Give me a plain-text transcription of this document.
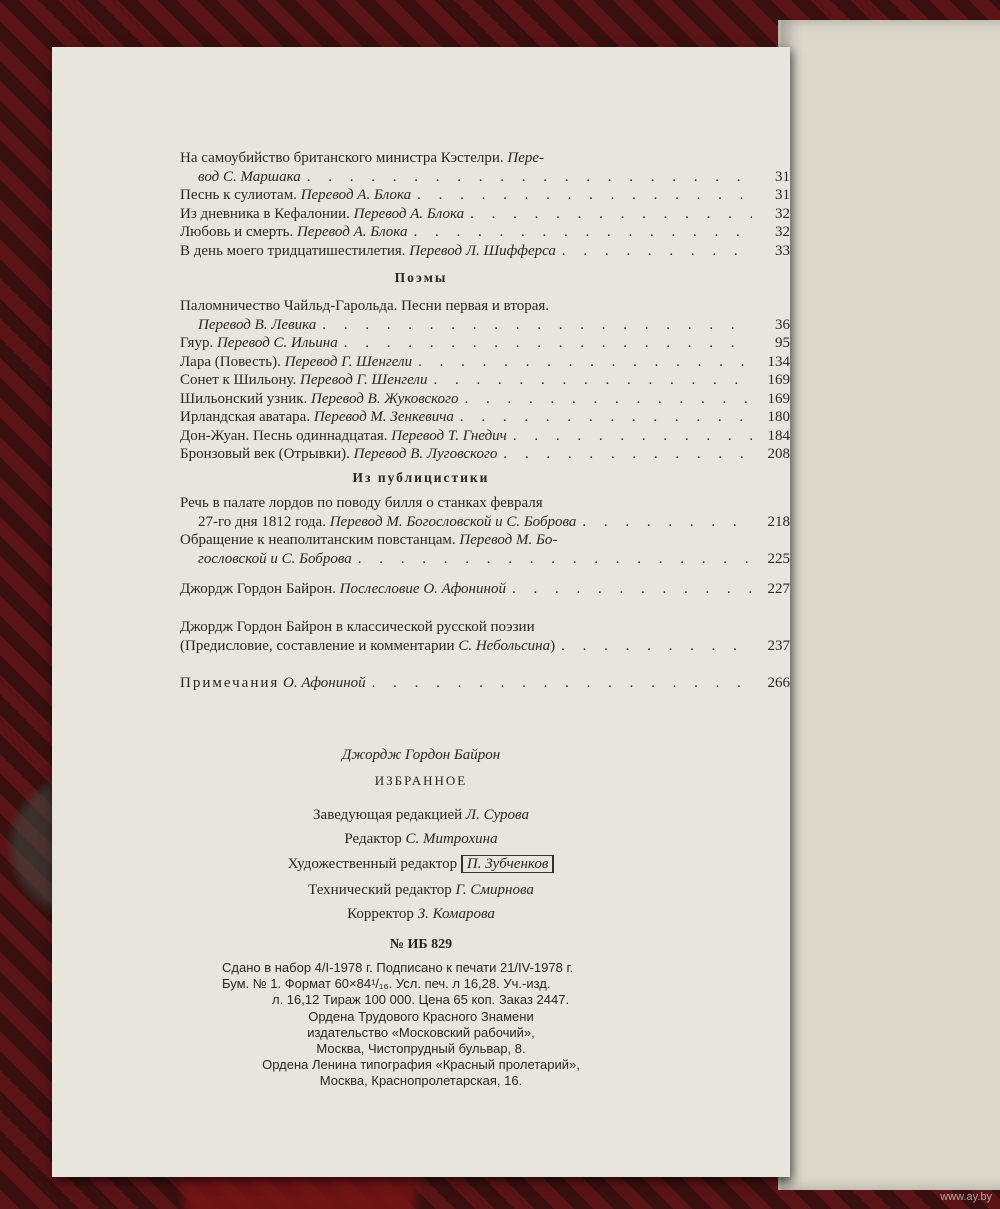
На самоубийство британского министра Кэстелри. Пере-
вод С. Маршака . . .	31
Песнь к сулиотам. Перевод А. Блока . . .	31
Из дневника в Кефалонии. Перевод А. Блока . . .	32
Любовь и смерть. Перевод А. Блока . . .	32
В день моего тридцатишестилетия. Перевод Л. Шифферса . . .	33
Поэмы
Паломничество Чайльд-Гарольда. Песни первая и вторая.
Перевод В. Левика . . .	36
Гяур. Перевод С. Ильина . . .	95
Лара (Повесть). Перевод Г. Шенгели . . .	134
Сонет к Шильону. Перевод Г. Шенгели . . .	169
Шильонский узник. Перевод В. Жуковского . . .	169
Ирландская аватара. Перевод М. Зенкевича . . .	180
Дон-Жуан. Песнь одиннадцатая. Перевод Т. Гнедич . . .	184
Бронзовый век (Отрывки). Перевод В. Луговского . . .	208
Из публицистики
Речь в палате лордов по поводу билля о станках февраля
27-го дня 1812 года. Перевод М. Богословской и С. Боброва . . .	218
Обращение к неаполитанским повстанцам. Перевод М. Бо-
гословской и С. Боброва . . .	225
Джордж Гордон Байрон. Послесловие О. Афониной . . .	227
Джордж Гордон Байрон в классической русской поэзии
(Предисловие, составление и комментарии С. Небольсина) . . .	237
Примечания О. Афониной . . .	266
Джордж Гордон Байрон
ИЗБРАННОЕ
Заведующая редакцией Л. Сурова
Редактор С. Митрохина
Художественный редактор П. Зубченков
Технический редактор Г. Смирнова
Корректор З. Комарова
№ ИБ 829
Сдано в набор 4/I-1978 г. Подписано к печати 21/IV-1978 г.
Бум. № 1. Формат 60×84¹/₁₆. Усл. печ. л 16,28. Уч.-изд.
л. 16,12 Тираж 100 000. Цена 65 коп. Заказ 2447.
Ордена Трудового Красного Знамени
издательство «Московский рабочий»,
Москва, Чистопрудный бульвар, 8.
Ордена Ленина типография «Красный пролетарий»,
Москва, Краснопролетарская, 16.
www.ay.by
